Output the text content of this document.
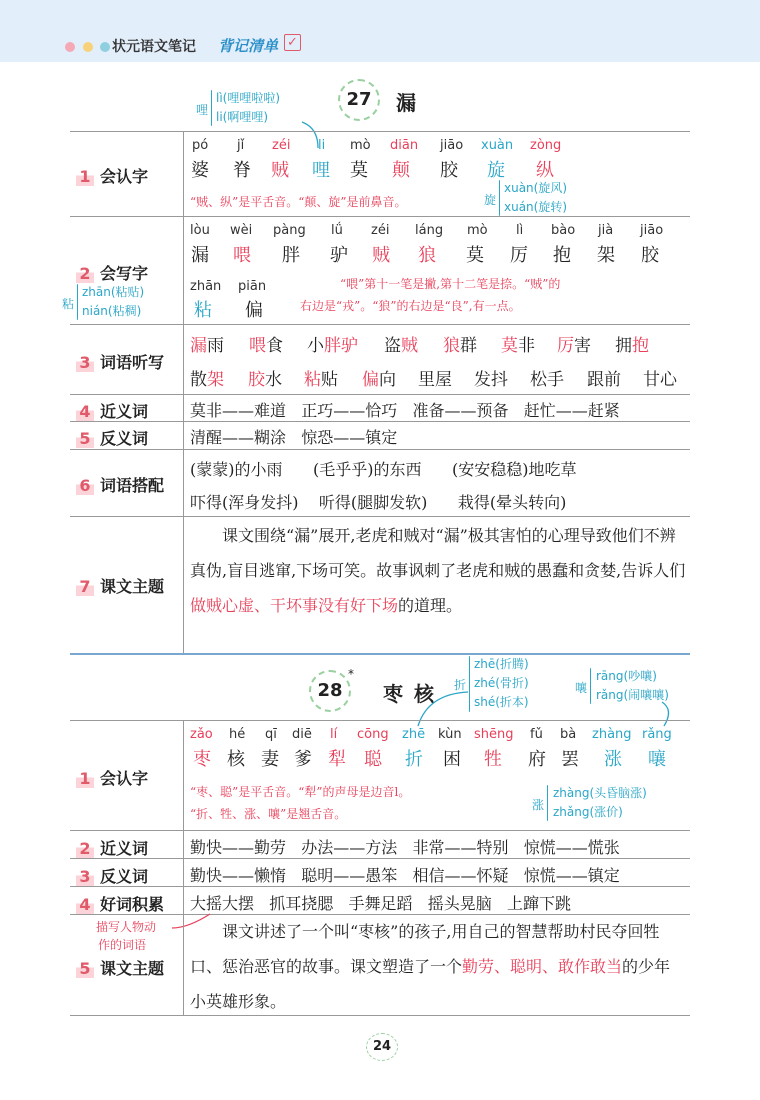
状元语文笔记 背记清单 ✓
27	漏
哩
lì(哩哩啦啦)
li(啊哩哩)
1 会认字
pó jǐ zéi li mò diān jiāo xuàn zòng
婆 脊 贼 哩 莫 颠 胶 旋 纵
“贼、纵”是平舌音。“颠、旋”是前鼻音。	旋
xuàn(旋风)
xuán(旋转)
2 会写字
lòu wèi pàng lǘ zéi láng mò lì bào jià jiāo
漏 喂 胖 驴 贼 狼 莫 厉 抱 架 胶
zhān piān
粘 偏
“喂”第十一笔是撇,第十二笔是捺。“贼”的
右边是“戎”。“狼”的右边是“良”,有一点。
粘
zhān(粘贴)
nián(粘稠)
3 词语听写
漏雨 喂食 小胖驴 盗贼 狼群 莫非 厉害 拥抱
散架 胶水 粘贴 偏向 里屋 发抖 松手 跟前 甘心
4 近义词	莫非——难道   正巧——恰巧   准备——预备   赶忙——赶紧
5 反义词	清醒——糊涂   惊恐——镇定
6 词语搭配
(蒙蒙)的小雨      (毛乎乎)的东西      (安安稳稳)地吃草
吓得(浑身发抖)    听得(腿脚发软)      栽得(晕头转向)
7 课文主题
课文围绕“漏”展开,老虎和贼对“漏”极其害怕的心理导致他们不辨真伪,盲目逃窜,下场可笑。故事讽刺了老虎和贼的愚蠢和贪婪,告诉人们做贼心虚、干坏事没有好下场的道理。
28
*
枣 核 折
zhē(折腾)
zhé(骨折)
shé(折本)
嚷
rāng(吵嚷)
rǎng(闹嚷嚷)
1 会认字
zǎo hé qī diē lí cōng zhē kùn shēng fǔ bà zhàng rǎng
枣 核 妻 爹 犁 聪 折 困 牲 府 罢 涨 嚷
“枣、聪”是平舌音。“犁”的声母是边音l。
“折、牲、涨、嚷”是翘舌音。
涨
zhàng(头昏脑涨)
zhǎng(涨价)
2 近义词	勤快——勤劳   办法——方法   非常——特别   惊慌——慌张
3 反义词	勤快——懒惰   聪明——愚笨   相信——怀疑   惊慌——镇定
4 好词积累 大摇大摆   抓耳挠腮   手舞足蹈   摇头晃脑   上蹿下跳
描写人物动
作的词语
5 课文主题
课文讲述了一个叫“枣核”的孩子,用自己的智慧帮助村民夺回牲口、惩治恶官的故事。课文塑造了一个勤劳、聪明、敢作敢当的少年小英雄形象。
24
